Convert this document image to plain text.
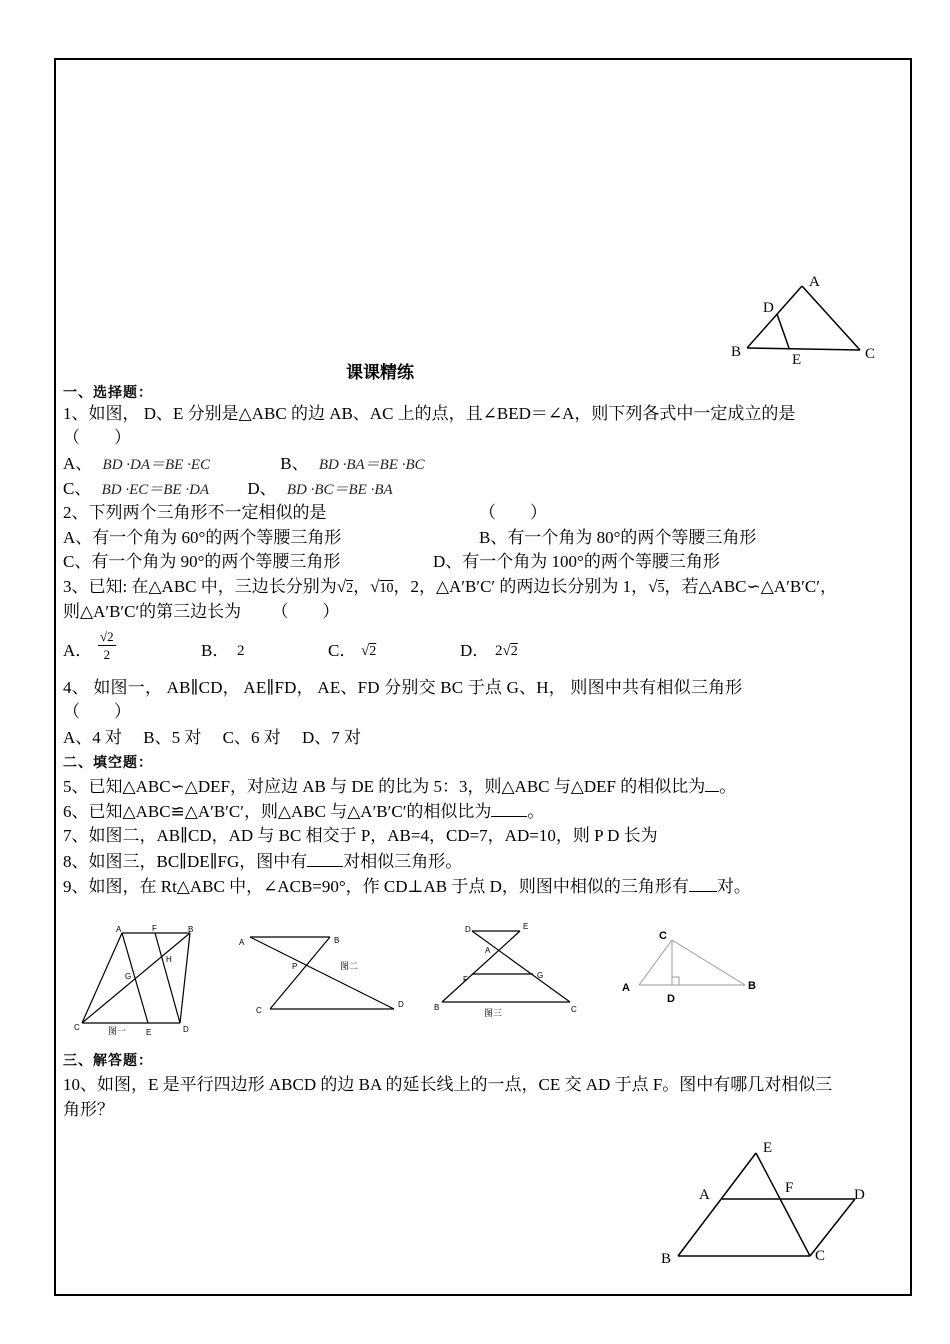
A
D
B	E	C
课课精练
一、选择题：
1、如图， D、E 分别是△ABC 的边 AB、AC 上的点，且∠BED＝∠A，则下列各式中一定成立的是
（　　）
A、 BD ·DA＝BE ·EC	B、 BD ·BA＝BE ·BC
C、 BD ·EC＝BE ·DA D、 BD ·BC＝BE ·BA
2、下列两个三角形不一定相似的是	（　　）
A、有一个角为 60°的两个等腰三角形	B、有一个角为 80°的两个等腰三角形
C、有一个角为 90°的两个等腰三角形	D、有一个角为 100°的两个等腰三角形
3、已知: 在△ABC 中，三边长分别为√2，√10，2，△A′B′C′ 的两边长分别为 1，√5，若△ABC∽△A′B′C′，
则△A′B′C′的第三边长为 （　　）
A． $\frac{√2}{2}$	B． 2	C． √2	D． 2√2
4、 如图一， AB∥CD， AE∥FD， AE、FD 分别交 BC 于点 G、H， 则图中共有相似三角形
（　　）
A、4 对　 B、5 对　 C、6 对　 D、7 对
二、填空题：
5、已知△ABC∽△DEF，对应边 AB 与 DE 的比为 5：3，则△ABC 与△DEF 的相似比为 。
6、已知△ABC≌△A′B′C′，则△ABC 与△A′B′C′的相似比为 。
7、如图二，AB∥CD，AD 与 BC 相交于 P，AB=4，CD=7，AD=10，则 P D 长为
8、如图三，BC∥DE∥FG，图中有 对相似三角形。
9、如图，在 Rt△ABC 中，∠ACB=90°，作 CD⊥AB 于点 D，则图中相似的三角形有 对。
A	F	B
G
H
C
E	D
图一
A	B
P
C
D
图二
D	E
A
F	G
B	C
图三
C
A
D
B
三、解答题：
10、如图，E 是平行四边形 ABCD 的边 BA 的延长线上的一点，CE 交 AD 于点 F。图中有哪几对相似三
角形？
E
A	F	D
B	C
